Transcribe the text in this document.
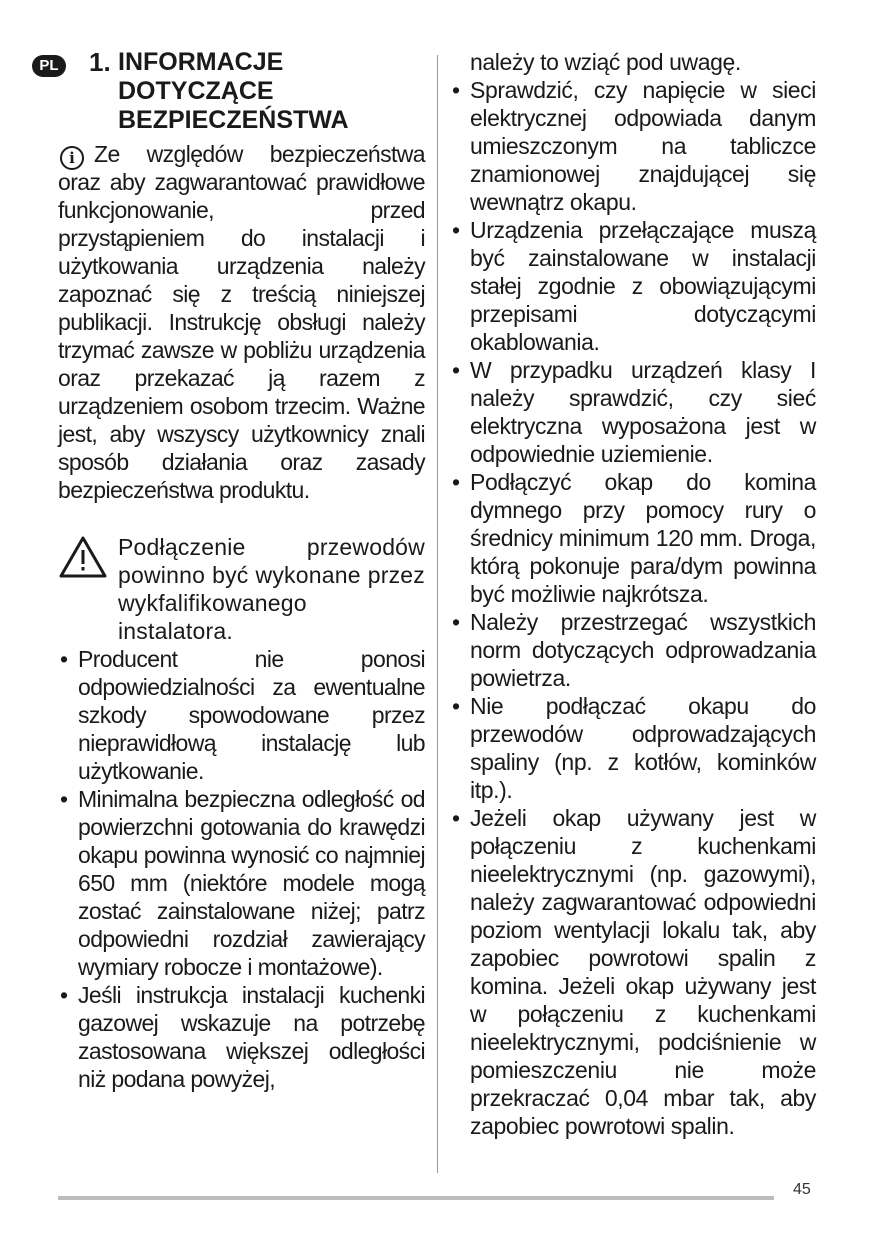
PL 1. INFORMACJE
DOTYCZĄCE
BEZPIECZEŃSTWA
i Ze względów bezpieczeństwa oraz aby zagwarantować prawidłowe funkcjonowanie, przed przystąpieniem do instalacji i użytkowania urządzenia należy zapoznać się z treścią niniejszej publikacji. Instrukcję obsługi należy trzymać zawsze w pobliżu urządzenia oraz przekazać ją razem z urządzeniem osobom trzecim. Ważne jest, aby wszyscy użytkownicy znali sposób działania oraz zasady bezpieczeństwa produktu.

Podłączenie przewodów powinno być wykonane przez wykfalifikowanego instalatora.

• Producent nie ponosi odpowiedzialności za ewentualne szkody spowodowane przez nieprawidłową instalację lub użytkowanie.

• Minimalna bezpieczna odległość od powierzchni gotowania do krawędzi okapu powinna wynosić co najmniej 650 mm (niektóre modele mogą zostać zainstalowane niżej; patrz odpowiedni rozdział zawierający wymiary robocze i montażowe).

• Jeśli instrukcja instalacji kuchenki gazowej wskazuje na potrzebę zastosowana większej odległości niż podana powyżej,

należy to wziąć pod uwagę.

• Sprawdzić, czy napięcie w sieci elektrycznej odpowiada danym umieszczonym na tabliczce znamionowej znajdującej się wewnątrz okapu.

• Urządzenia przełączające muszą być zainstalowane w instalacji stałej zgodnie z obowiązującymi przepisami dotyczącymi okablowania.

• W przypadku urządzeń klasy I należy sprawdzić, czy sieć elektryczna wyposażona jest w odpowiednie uziemienie.

• Podłączyć okap do komina dymnego przy pomocy rury o średnicy minimum 120 mm. Droga, którą pokonuje para/dym powinna być możliwie najkrótsza.

• Należy przestrzegać wszystkich norm dotyczących odprowadzania powietrza.

• Nie podłączać okapu do przewodów odprowadzających spaliny (np. z kotłów, kominków itp.).

• Jeżeli okap używany jest w połączeniu z kuchenkami nieelektrycznymi (np. gazowymi), należy zagwarantować odpowiedni poziom wentylacji lokalu tak, aby zapobiec powrotowi spalin z komina. Jeżeli okap używany jest w połączeniu z kuchenkami nieelektrycznymi, podciśnienie w pomieszczeniu nie może przekraczać 0,04 mbar tak, aby zapobiec powrotowi spalin.

45
